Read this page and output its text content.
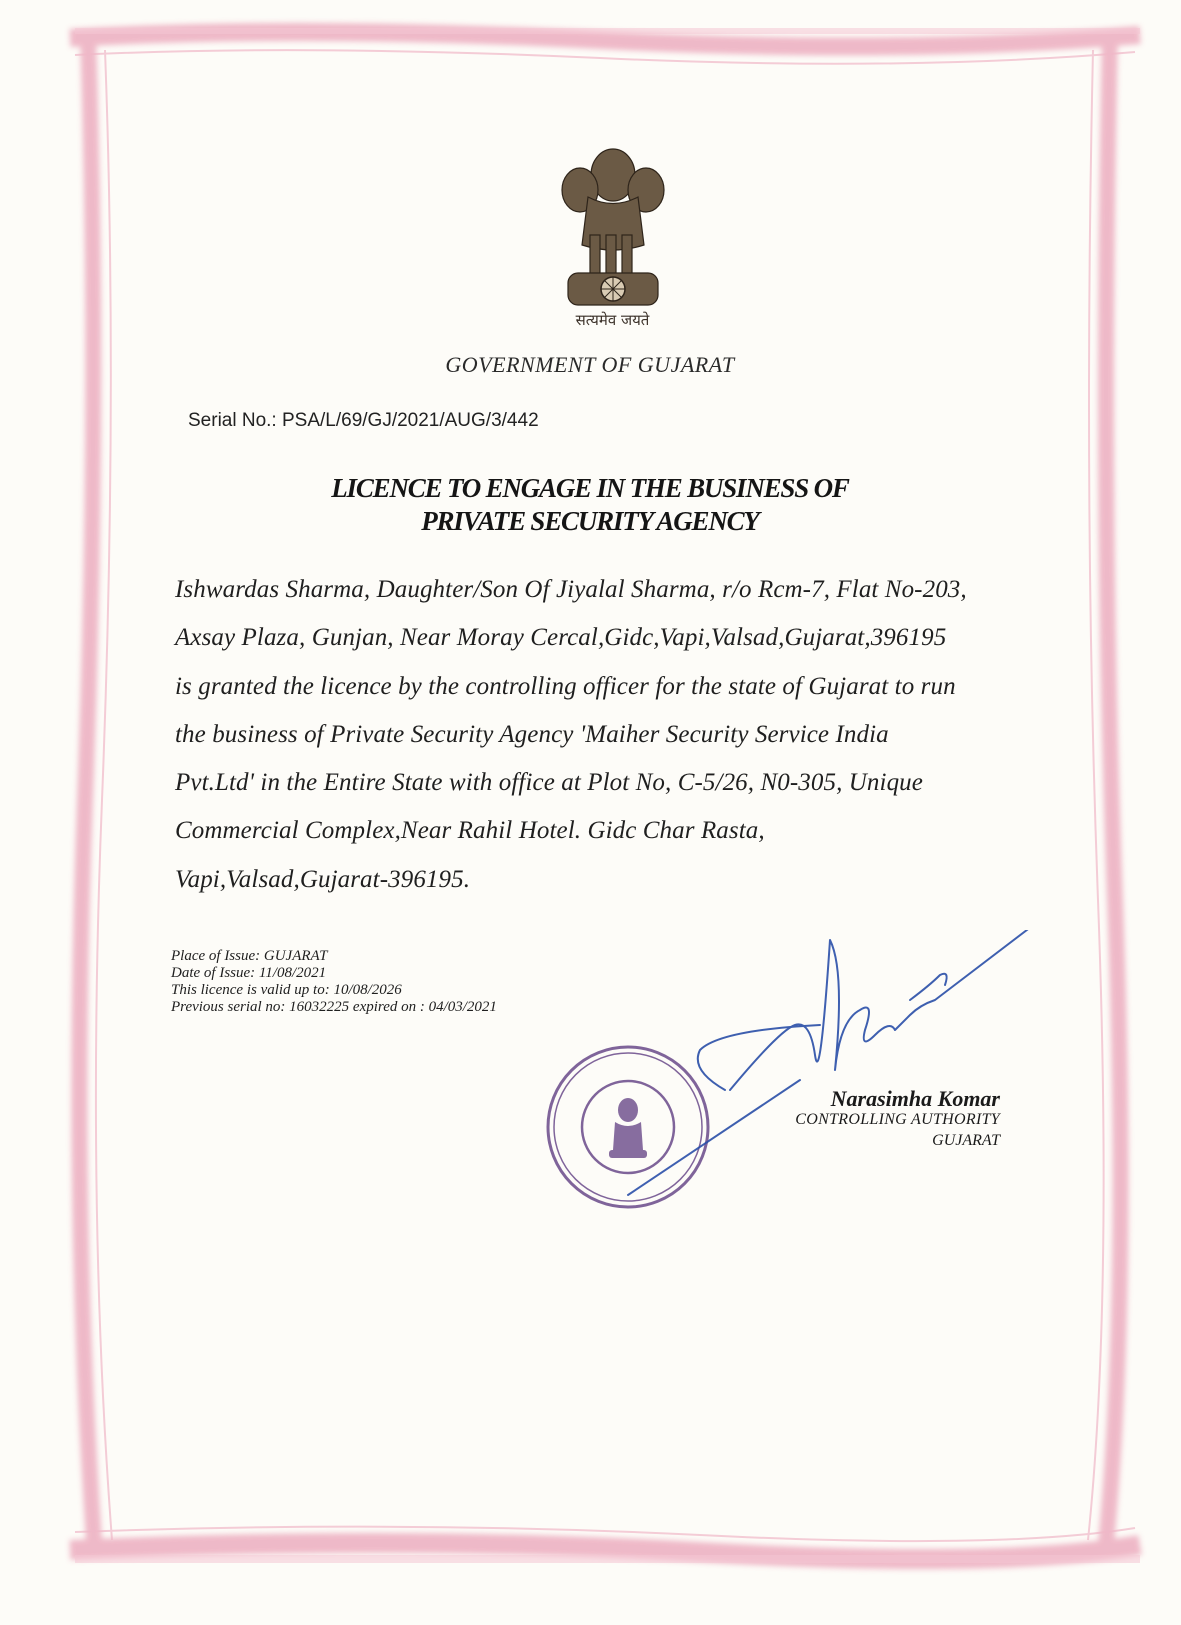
सत्यमेव जयते
GOVERNMENT OF GUJARAT
Serial No.: PSA/L/69/GJ/2021/AUG/3/442
LICENCE TO ENGAGE IN THE BUSINESS OF
PRIVATE SECURITY AGENCY
Ishwardas Sharma, Daughter/Son Of Jiyalal Sharma, r/o Rcm-7, Flat No-203,
Axsay Plaza, Gunjan, Near Moray Cercal,Gidc,Vapi,Valsad,Gujarat,396195
is granted the licence by the controlling officer for the state of Gujarat to run
the business of Private Security Agency 'Maiher Security Service India
Pvt.Ltd' in the Entire State with office at Plot No, C-5/26, N0-305, Unique
Commercial Complex,Near Rahil Hotel. Gidc Char Rasta,
Vapi,Valsad,Gujarat-396195.
Place of Issue: GUJARAT
Date of Issue: 11/08/2021
This licence is valid up to: 10/08/2026
Previous serial no: 16032225 expired on : 04/03/2021
Narasimha Komar
CONTROLLING AUTHORITY
GUJARAT
